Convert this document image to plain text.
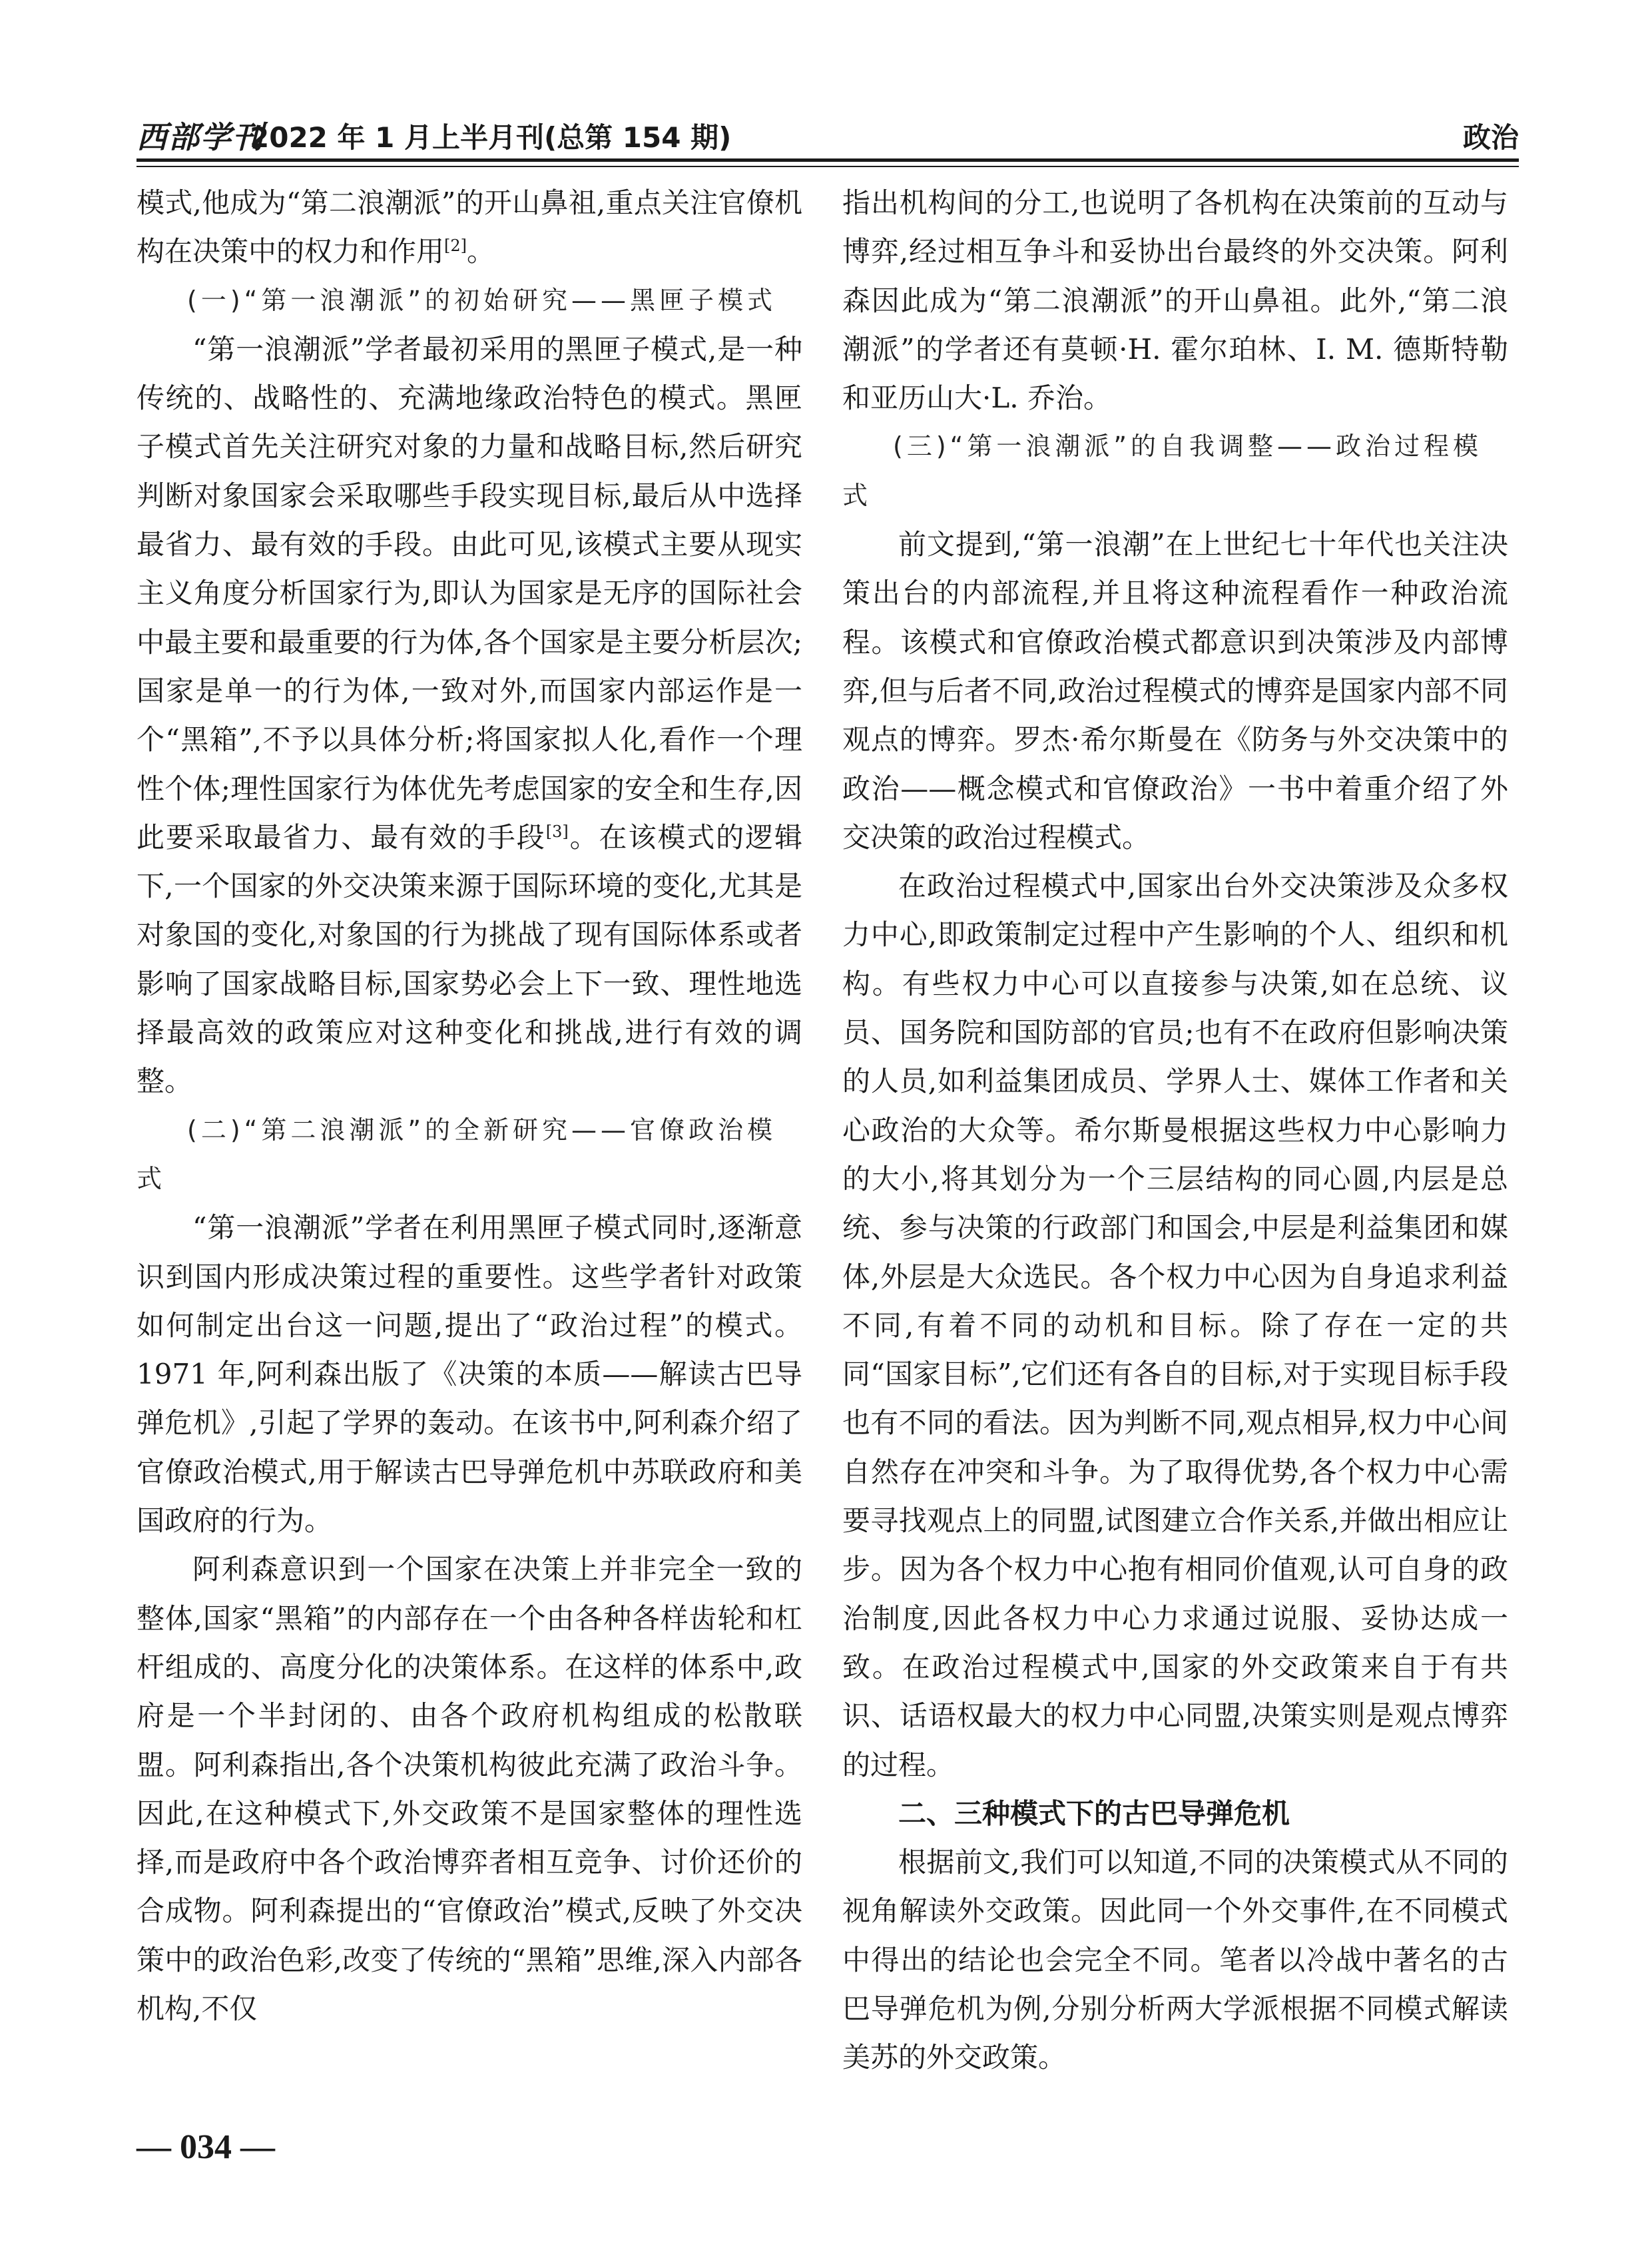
西部学刊
2022 年 1 月上半月刊(总第 154 期)	政治

模式,他成为“第二浪潮派”的开山鼻祖,重点关注官僚机构在决策中的权力和作用[2]。

(一)“第一浪潮派”的初始研究——黑匣子模式

“第一浪潮派”学者最初采用的黑匣子模式,是一种传统的、战略性的、充满地缘政治特色的模式。黑匣子模式首先关注研究对象的力量和战略目标,然后研究判断对象国家会采取哪些手段实现目标,最后从中选择最省力、最有效的手段。由此可见,该模式主要从现实主义角度分析国家行为,即认为国家是无序的国际社会中最主要和最重要的行为体,各个国家是主要分析层次;国家是单一的行为体,一致对外,而国家内部运作是一个“黑箱”,不予以具体分析;将国家拟人化,看作一个理性个体;理性国家行为体优先考虑国家的安全和生存,因此要采取最省力、最有效的手段[3]。在该模式的逻辑下,一个国家的外交决策来源于国际环境的变化,尤其是对象国的变化,对象国的行为挑战了现有国际体系或者影响了国家战略目标,国家势必会上下一致、理性地选择最高效的政策应对这种变化和挑战,进行有效的调整。

(二)“第二浪潮派”的全新研究——官僚政治模式

“第一浪潮派”学者在利用黑匣子模式同时,逐渐意识到国内形成决策过程的重要性。这些学者针对政策如何制定出台这一问题,提出了“政治过程”的模式。1971 年,阿利森出版了《决策的本质——解读古巴导弹危机》,引起了学界的轰动。在该书中,阿利森介绍了官僚政治模式,用于解读古巴导弹危机中苏联政府和美国政府的行为。

阿利森意识到一个国家在决策上并非完全一致的整体,国家“黑箱”的内部存在一个由各种各样齿轮和杠杆组成的、高度分化的决策体系。在这样的体系中,政府是一个半封闭的、由各个政府机构组成的松散联盟。阿利森指出,各个决策机构彼此充满了政治斗争。因此,在这种模式下,外交政策不是国家整体的理性选择,而是政府中各个政治博弈者相互竞争、讨价还价的合成物。阿利森提出的“官僚政治”模式,反映了外交决策中的政治色彩,改变了传统的“黑箱”思维,深入内部各机构,不仅

指出机构间的分工,也说明了各机构在决策前的互动与博弈,经过相互争斗和妥协出台最终的外交决策。阿利森因此成为“第二浪潮派”的开山鼻祖。此外,“第二浪潮派”的学者还有莫顿·H. 霍尔珀林、I. M. 德斯特勒和亚历山大·L. 乔治。

(三)“第一浪潮派”的自我调整——政治过程模式

前文提到,“第一浪潮”在上世纪七十年代也关注决策出台的内部流程,并且将这种流程看作一种政治流程。该模式和官僚政治模式都意识到决策涉及内部博弈,但与后者不同,政治过程模式的博弈是国家内部不同观点的博弈。罗杰·希尔斯曼在《防务与外交决策中的政治——概念模式和官僚政治》一书中着重介绍了外交决策的政治过程模式。

在政治过程模式中,国家出台外交决策涉及众多权力中心,即政策制定过程中产生影响的个人、组织和机构。有些权力中心可以直接参与决策,如在总统、议员、国务院和国防部的官员;也有不在政府但影响决策的人员,如利益集团成员、学界人士、媒体工作者和关心政治的大众等。希尔斯曼根据这些权力中心影响力的大小,将其划分为一个三层结构的同心圆,内层是总统、参与决策的行政部门和国会,中层是利益集团和媒体,外层是大众选民。各个权力中心因为自身追求利益不同,有着不同的动机和目标。除了存在一定的共同“国家目标”,它们还有各自的目标,对于实现目标手段也有不同的看法。因为判断不同,观点相异,权力中心间自然存在冲突和斗争。为了取得优势,各个权力中心需要寻找观点上的同盟,试图建立合作关系,并做出相应让步。因为各个权力中心抱有相同价值观,认可自身的政治制度,因此各权力中心力求通过说服、妥协达成一致。在政治过程模式中,国家的外交政策来自于有共识、话语权最大的权力中心同盟,决策实则是观点博弈的过程。

二、三种模式下的古巴导弹危机

根据前文,我们可以知道,不同的决策模式从不同的视角解读外交政策。因此同一个外交事件,在不同模式中得出的结论也会完全不同。笔者以冷战中著名的古巴导弹危机为例,分别分析两大学派根据不同模式解读美苏的外交政策。

— 034 —
